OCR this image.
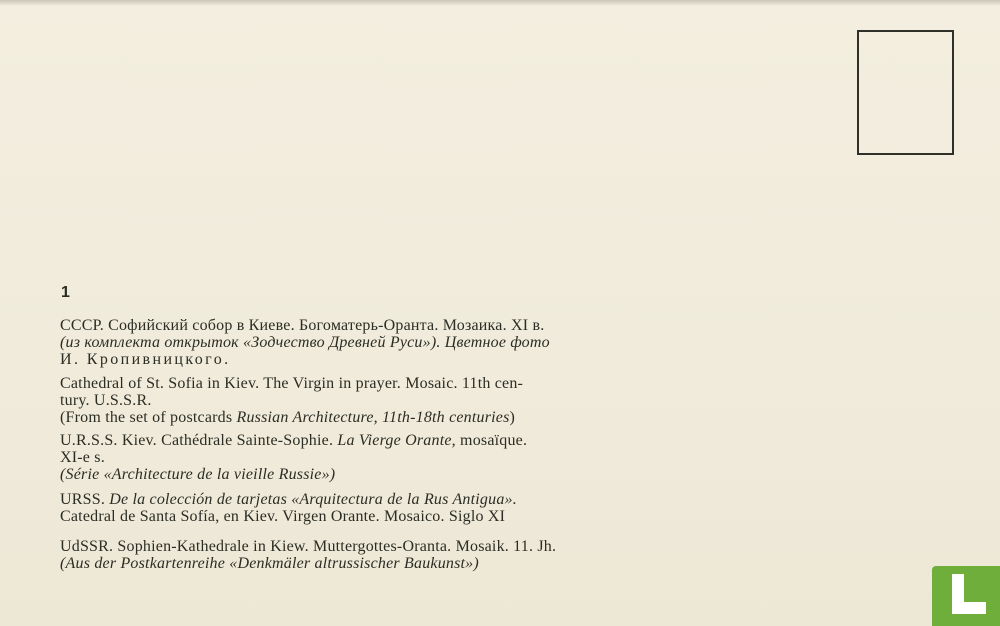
1
СССР. Софийский собор в Киеве. Богоматерь-Оранта. Мозаика. XI в.
(из комплекта открыток «Зодчество Древней Руси»). Цветное фото
И. Кропивницкого.
Cathedral of St. Sofia in Kiev. The Virgin in prayer. Mosaic. 11th cen-
tury. U.S.S.R.
(From the set of postcards Russian Architecture, 11th-18th centuries)
U.R.S.S. Kiev. Cathédrale Sainte-Sophie. La Vierge Orante, mosaïque.
XI-e s.
(Série «Architecture de la vieille Russie»)
URSS. De la colección de tarjetas «Arquitectura de la Rus Antigua».
Catedral de Santa Sofía, en Kiev. Virgen Orante. Mosaico. Siglo XI
UdSSR. Sophien-Kathedrale in Kiew. Muttergottes-Oranta. Mosaik. 11. Jh.
(Aus der Postkartenreihe «Denkmäler altrussischer Baukunst»)
